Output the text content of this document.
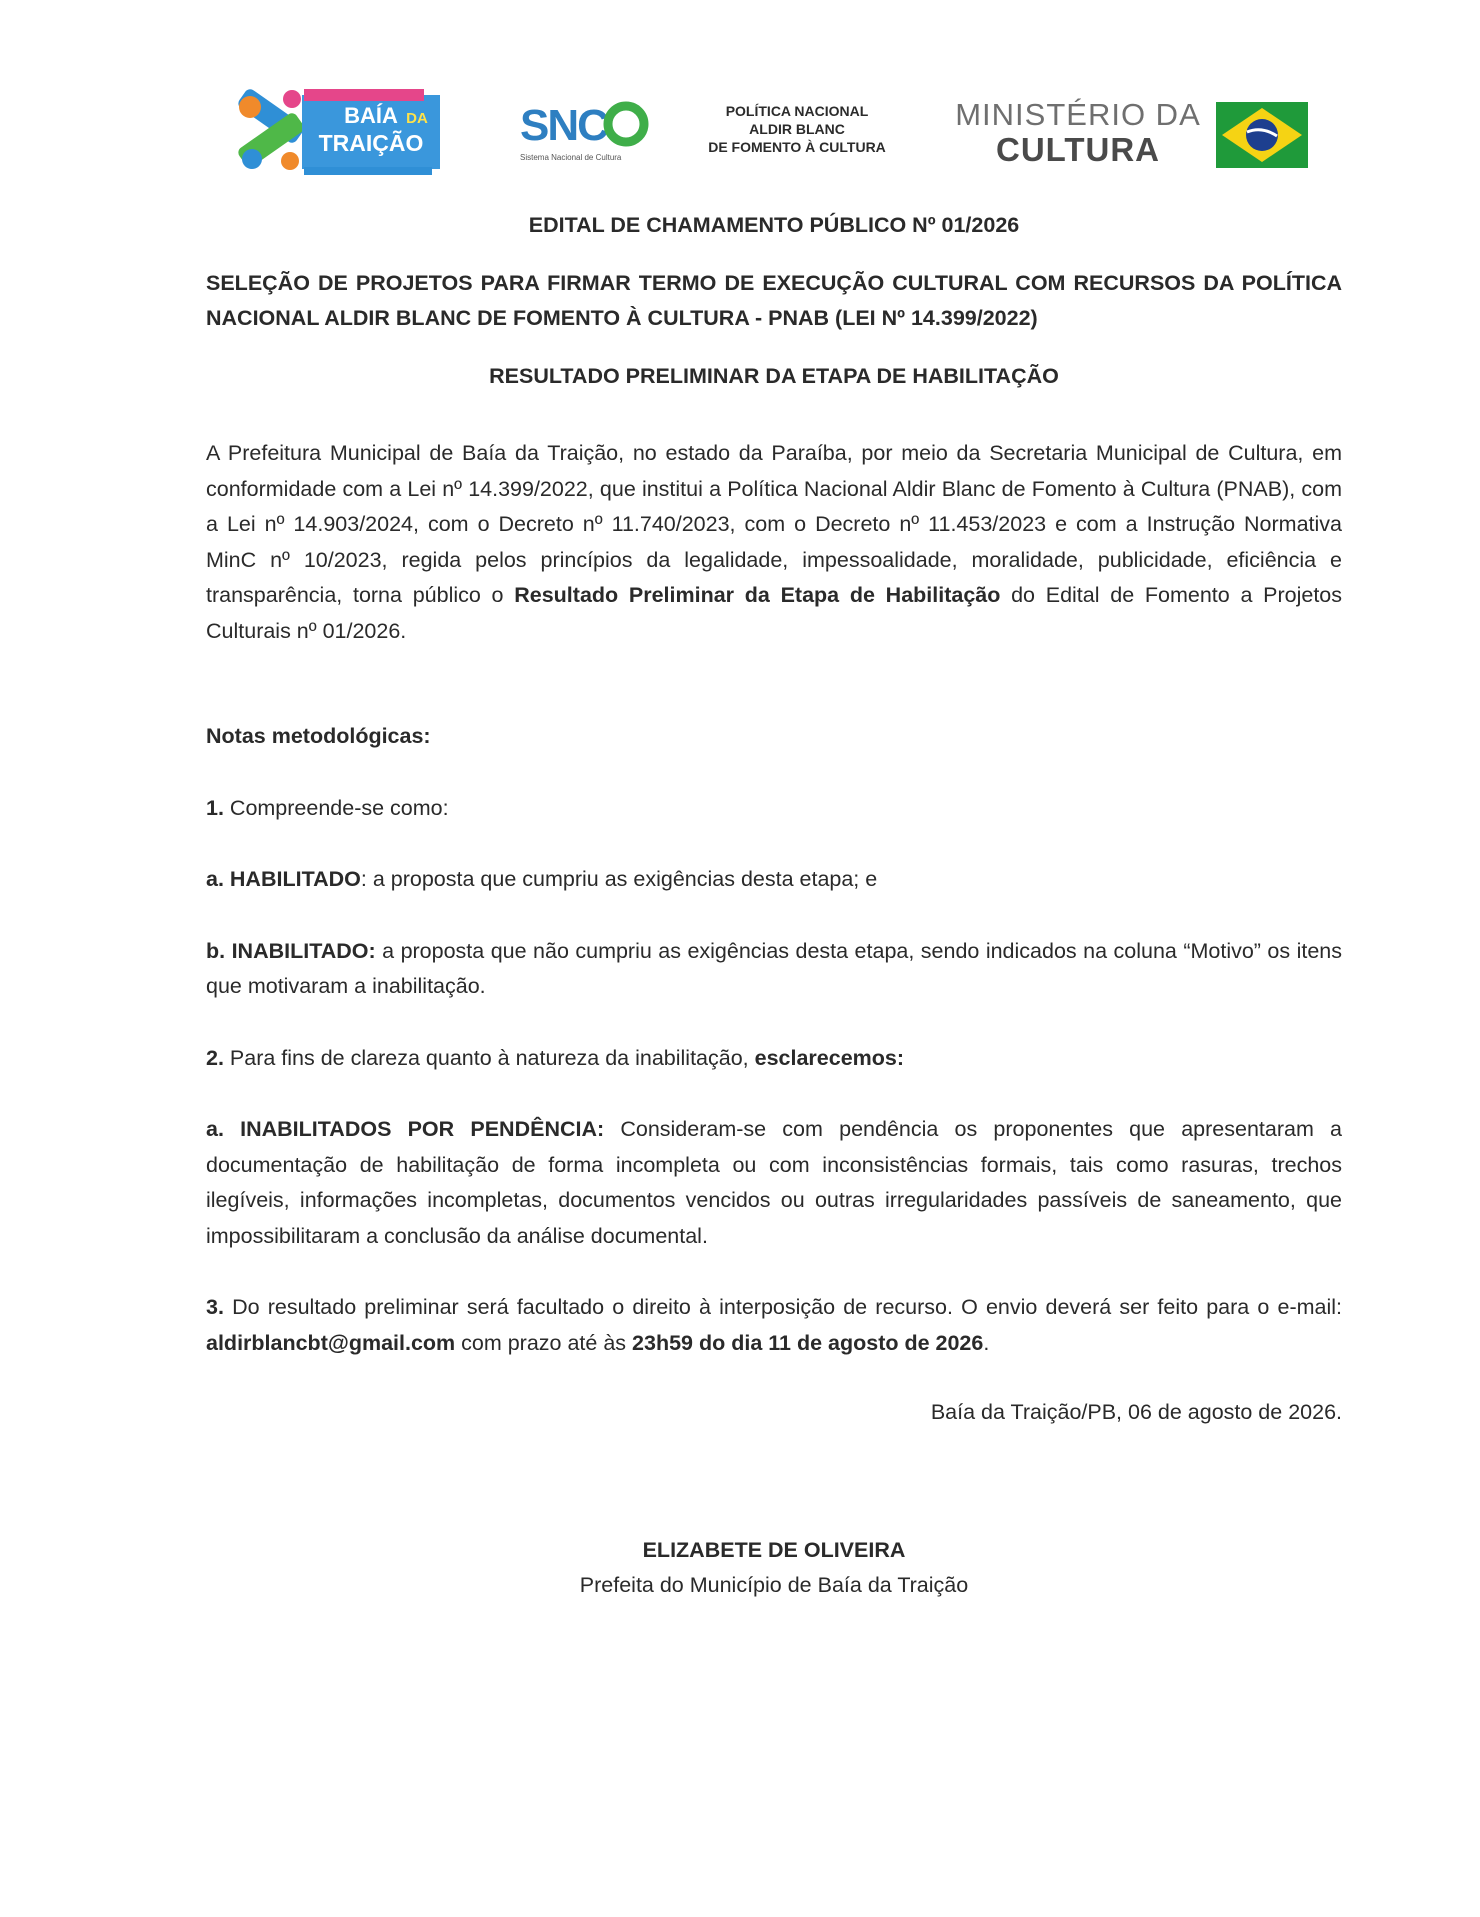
BAÍA DA
TRAIÇÃO SNC
Sistema Nacional de Cultura
POLÍTICA NACIONAL
ALDIR BLANC
DE FOMENTO À CULTURA
MINISTÉRIO DA
CULTURA
EDITAL DE CHAMAMENTO PÚBLICO Nº 01/2026
SELEÇÃO DE PROJETOS PARA FIRMAR TERMO DE EXECUÇÃO CULTURAL COM RECURSOS DA POLÍTICA NACIONAL ALDIR BLANC DE FOMENTO À CULTURA - PNAB (LEI Nº 14.399/2022)
RESULTADO PRELIMINAR DA ETAPA DE HABILITAÇÃO
A Prefeitura Municipal de Baía da Traição, no estado da Paraíba, por meio da Secretaria Municipal de Cultura, em conformidade com a Lei nº 14.399/2022, que institui a Política Nacional Aldir Blanc de Fomento à Cultura (PNAB), com a Lei nº 14.903/2024, com o Decreto nº 11.740/2023, com o Decreto nº 11.453/2023 e com a Instrução Normativa MinC nº 10/2023, regida pelos princípios da legalidade, impessoalidade, moralidade, publicidade, eficiência e transparência, torna público o Resultado Preliminar da Etapa de Habilitação do Edital de Fomento a Projetos Culturais nº 01/2026.
Notas metodológicas:
1. Compreende-se como:
a. HABILITADO: a proposta que cumpriu as exigências desta etapa; e
b. INABILITADO: a proposta que não cumpriu as exigências desta etapa, sendo indicados na coluna “Motivo” os itens que motivaram a inabilitação.
2. Para fins de clareza quanto à natureza da inabilitação, esclarecemos:
a. INABILITADOS POR PENDÊNCIA: Consideram-se com pendência os proponentes que apresentaram a documentação de habilitação de forma incompleta ou com inconsistências formais, tais como rasuras, trechos ilegíveis, informações incompletas, documentos vencidos ou outras irregularidades passíveis de saneamento, que impossibilitaram a conclusão da análise documental.
3. Do resultado preliminar será facultado o direito à interposição de recurso. O envio deverá ser feito para o e-mail: aldirblancbt@gmail.com com prazo até às 23h59 do dia 11 de agosto de 2026.
Baía da Traição/PB, 06 de agosto de 2026.
ELIZABETE DE OLIVEIRA
Prefeita do Município de Baía da Traição
